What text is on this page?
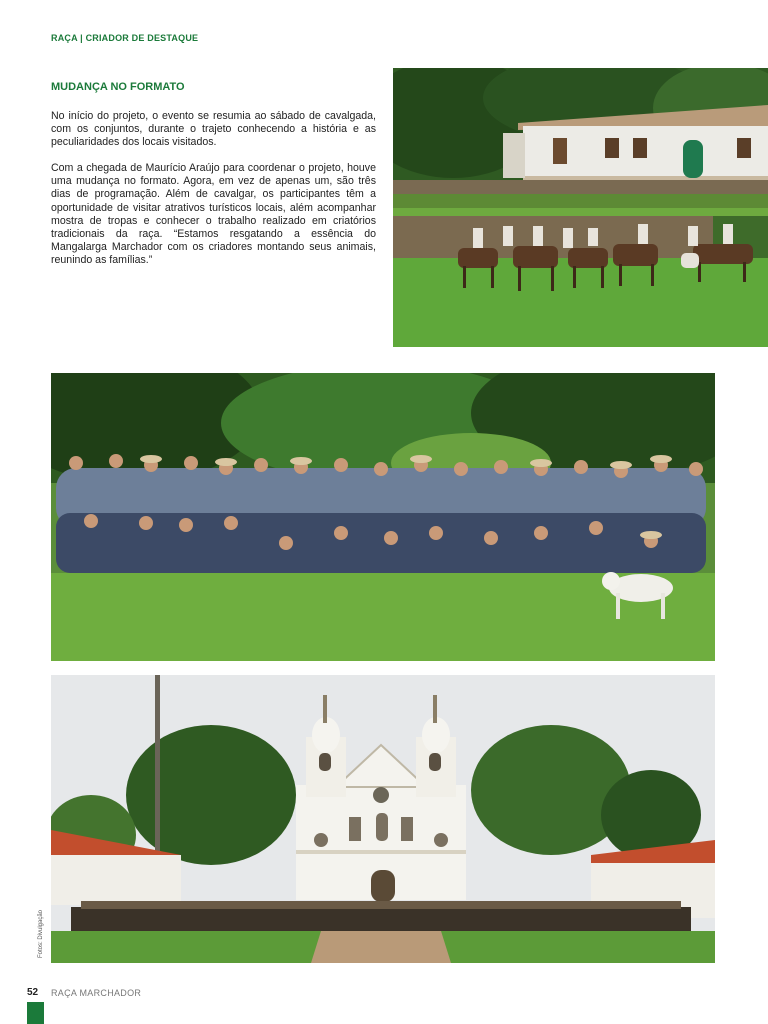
RAÇA | CRIADOR DE DESTAQUE
MUDANÇA NO FORMATO

No início do projeto, o evento se resumia ao sábado de cavalgada, com os conjuntos, durante o trajeto conhecendo a história e as peculiaridades dos locais visitados.

Com a chegada de Maurício Araújo para coordenar o projeto, houve uma mudança no formato. Agora, em vez de apenas um, são três dias de programação. Além de cavalgar, os participantes têm a oportunidade de visitar atrativos turísticos locais, além acompanhar mostra de tropas e conhecer o trabalho realizado em criatórios tradicionais da raça. “Estamos resgatando a essência do Mangalarga Marchador com os criadores montando seus animais, reunindo as famílias.”

Fotos: Divulgação
52 RAÇA MARCHADOR
